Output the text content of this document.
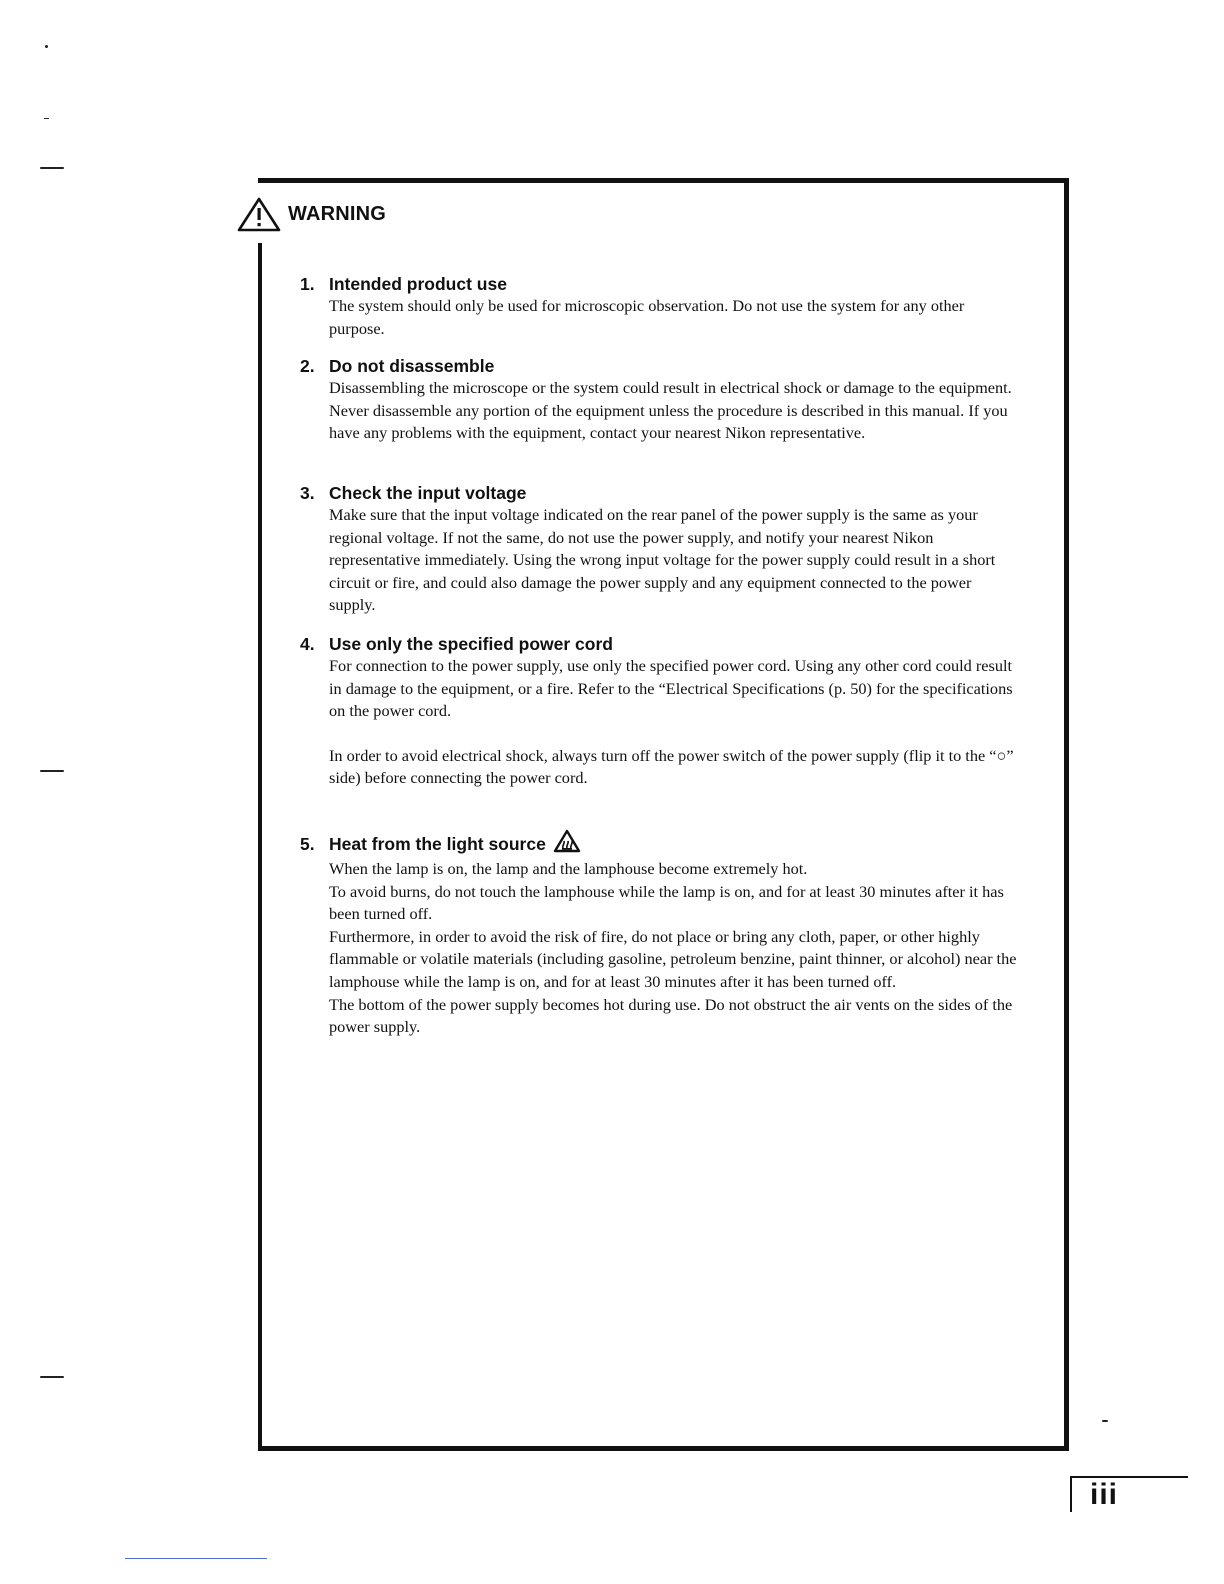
WARNING
1. Intended product use

The system should only be used for microscopic observation. Do not use the system for any other purpose.

2. Do not disassemble

Disassembling the microscope or the system could result in electrical shock or damage to the equipment. Never disassemble any portion of the equipment unless the procedure is described in this manual. If you have any problems with the equipment, contact your nearest Nikon representative.

3. Check the input voltage

Make sure that the input voltage indicated on the rear panel of the power supply is the same as your regional voltage. If not the same, do not use the power supply, and notify your nearest Nikon representative immediately. Using the wrong input voltage for the power supply could result in a short circuit or fire, and could also damage the power supply and any equipment connected to the power supply.

4. Use only the specified power cord

For connection to the power supply, use only the specified power cord. Using any other cord could result in damage to the equipment, or a fire. Refer to the “Electrical Specifications (p. 50) for the specifications on the power cord.

In order to avoid electrical shock, always turn off the power switch of the power supply (flip it to the “○” side) before connecting the power cord.

5. Heat from the light source

When the lamp is on, the lamp and the lamphouse become extremely hot.

To avoid burns, do not touch the lamphouse while the lamp is on, and for at least 30 minutes after it has been turned off.

Furthermore, in order to avoid the risk of fire, do not place or bring any cloth, paper, or other highly flammable or volatile materials (including gasoline, petroleum benzine, paint thinner, or alcohol) near the lamphouse while the lamp is on, and for at least 30 minutes after it has been turned off.

The bottom of the power supply becomes hot during use. Do not obstruct the air vents on the sides of the power supply.

iii
